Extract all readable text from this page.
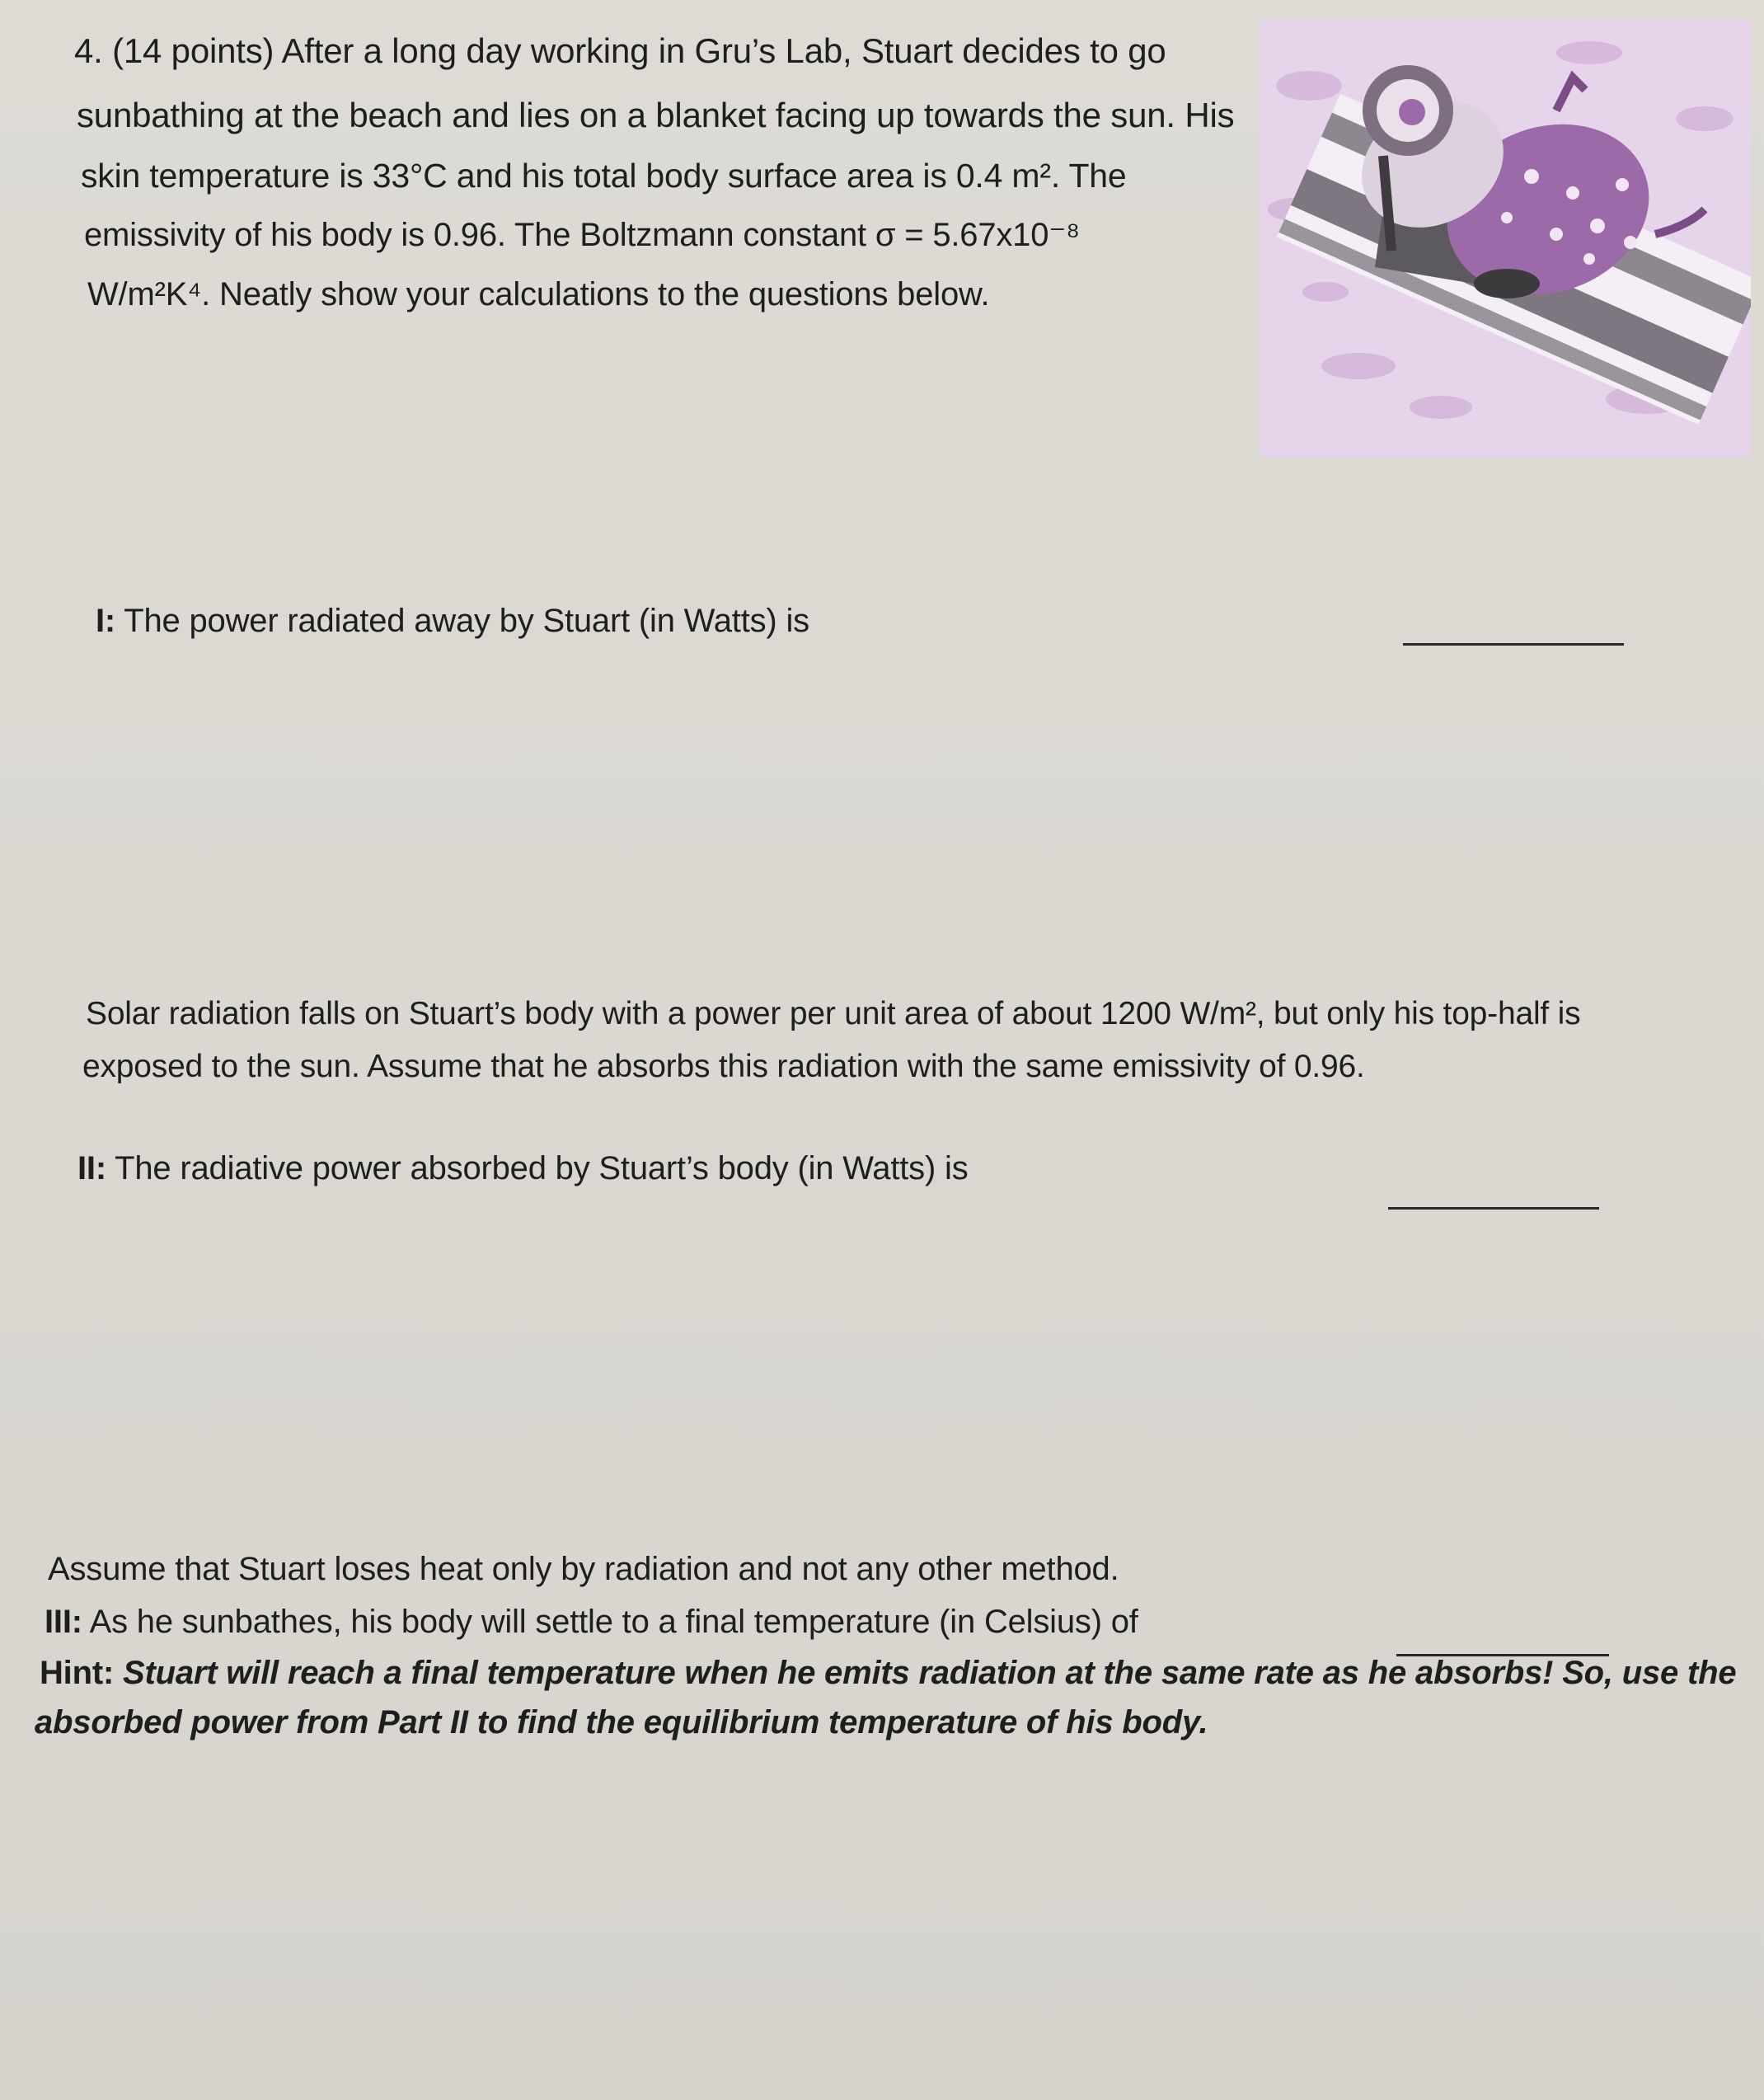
4. (14 points) After a long day working in Gru’s Lab, Stuart decides to go
sunbathing at the beach and lies on a blanket facing up towards the sun. His
skin temperature is 33°C and his total body surface area is 0.4 m². The
emissivity of his body is 0.96. The Boltzmann constant σ = 5.67x10⁻⁸
W/m²K⁴. Neatly show your calculations to the questions below.
I: The power radiated away by Stuart (in Watts) is
Solar radiation falls on Stuart’s body with a power per unit area of about 1200 W/m², but only his top-half is
exposed to the sun. Assume that he absorbs this radiation with the same emissivity of 0.96.
II: The radiative power absorbed by Stuart’s body (in Watts) is
Assume that Stuart loses heat only by radiation and not any other method.
III: As he sunbathes, his body will settle to a final temperature (in Celsius) of
Hint: Stuart will reach a final temperature when he emits radiation at the same rate as he absorbs! So, use the
absorbed power from Part II to find the equilibrium temperature of his body.
